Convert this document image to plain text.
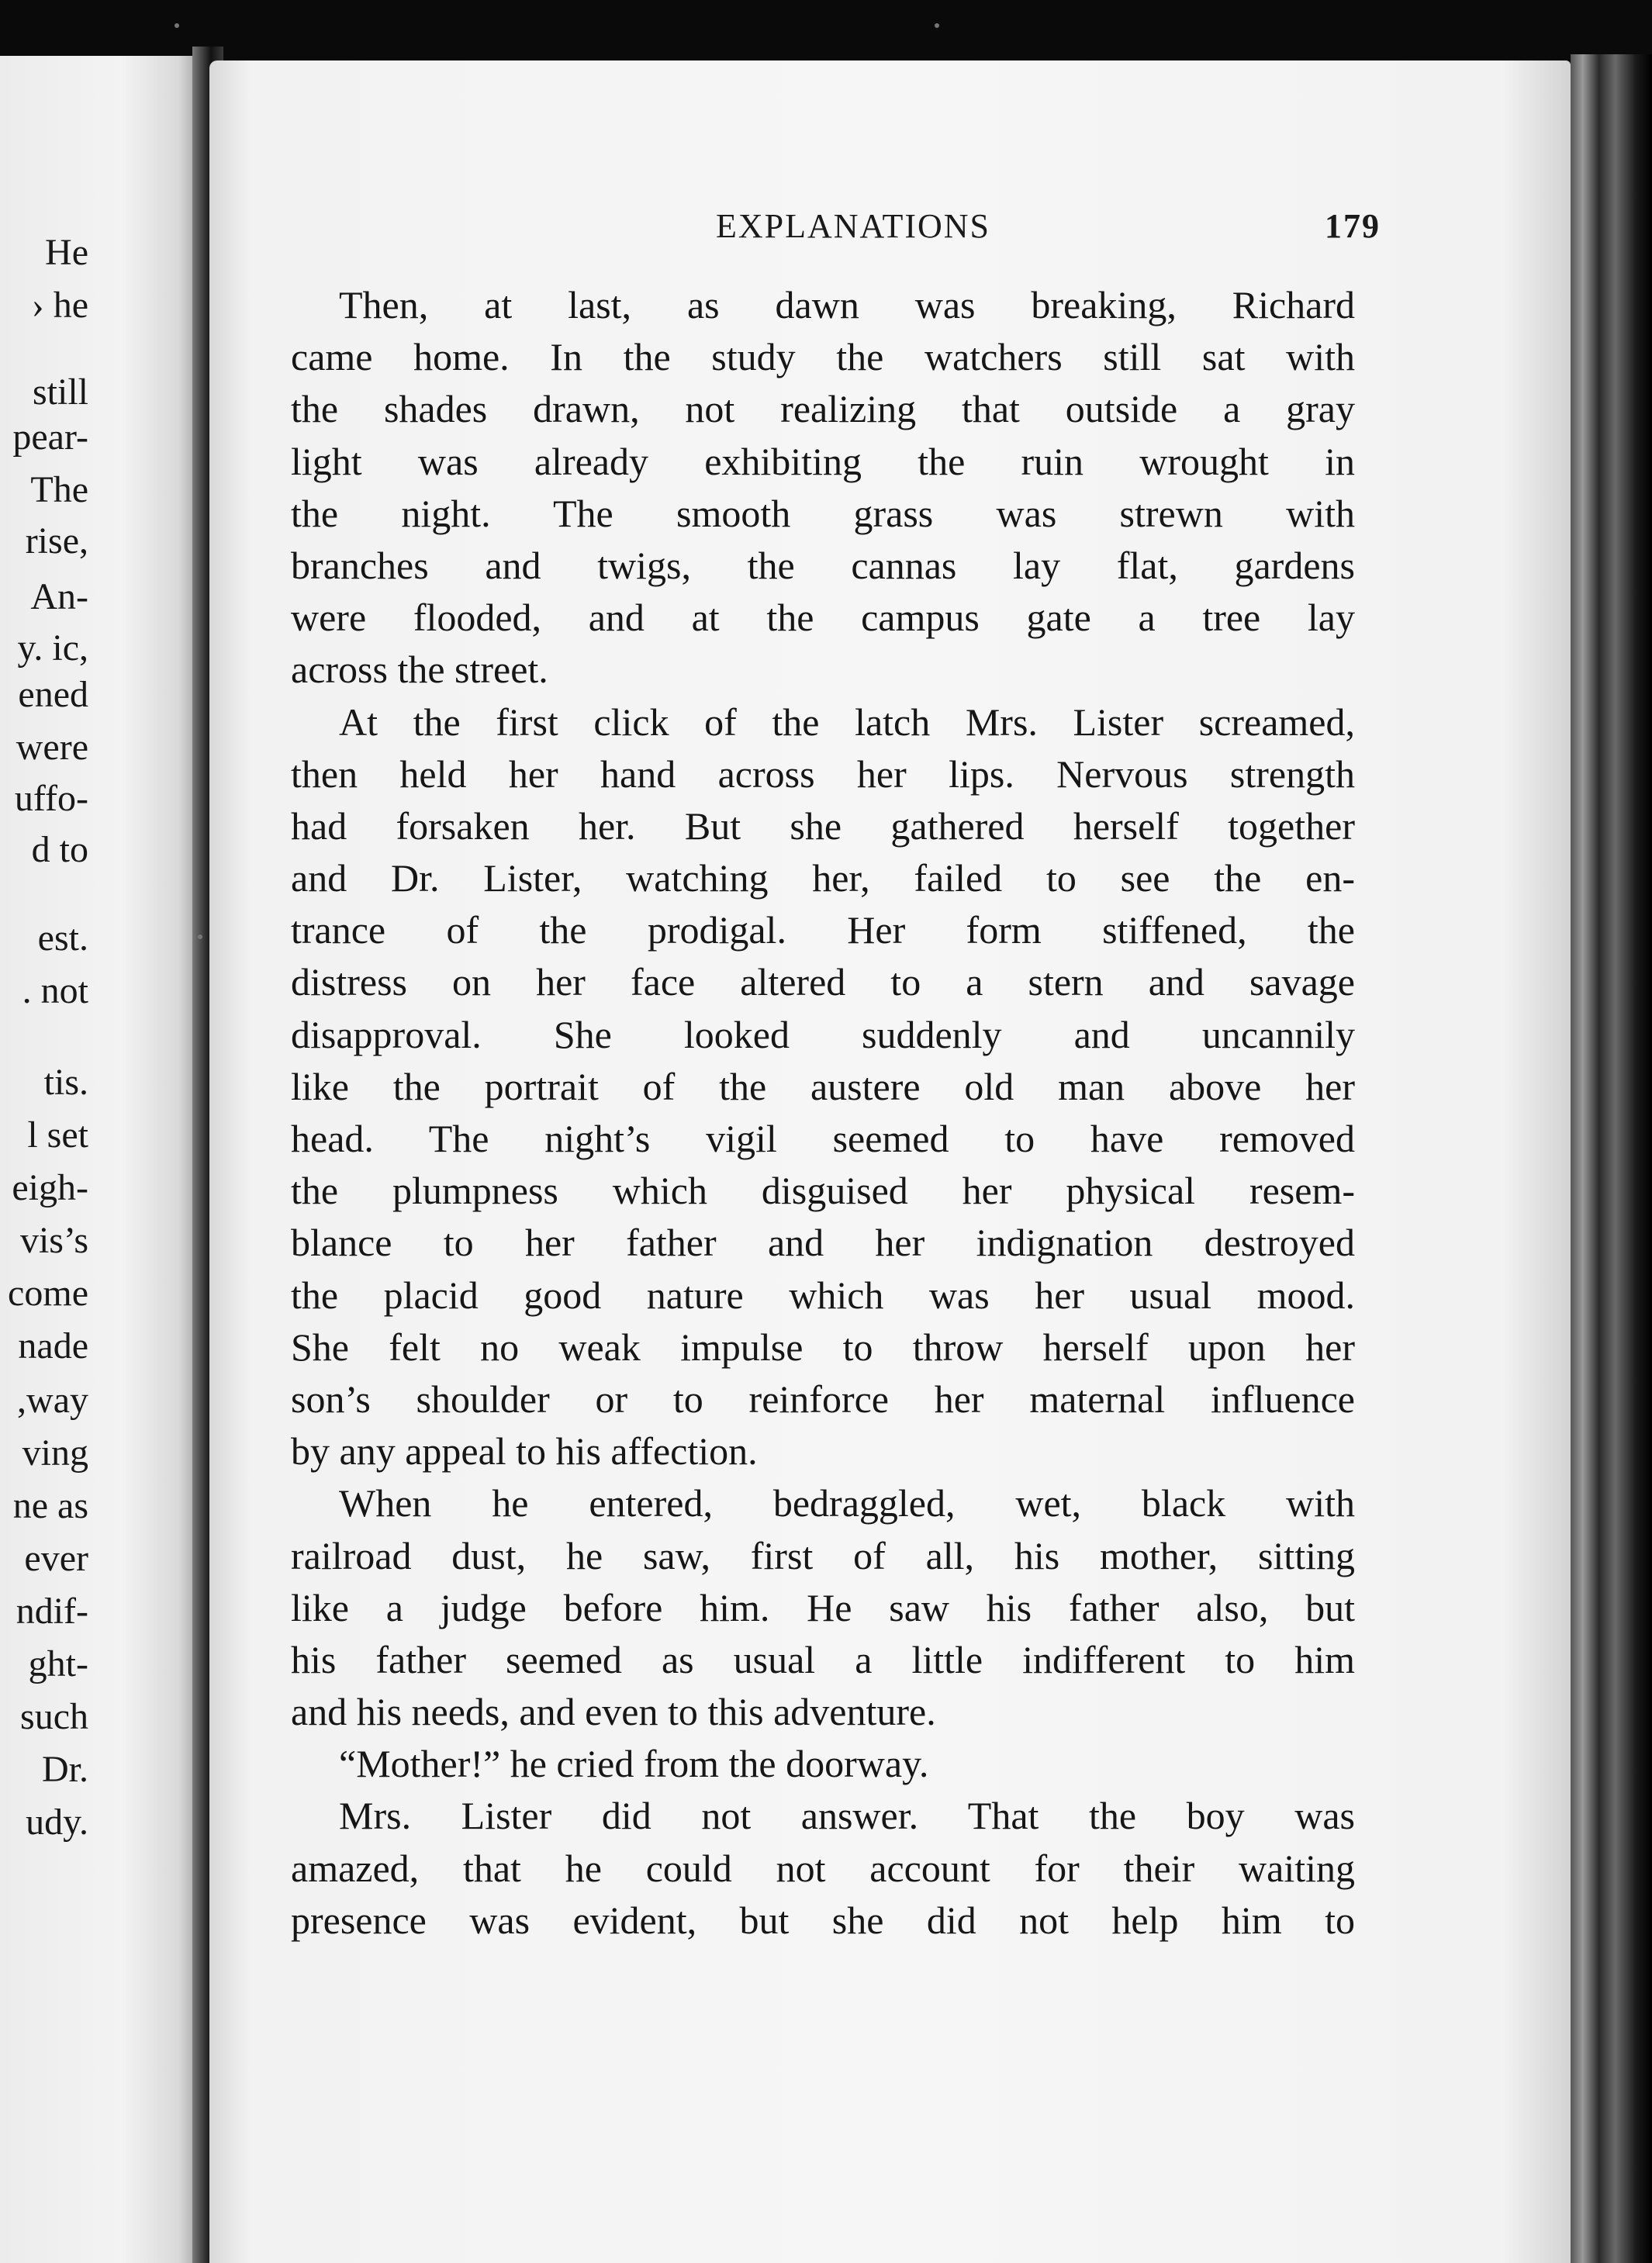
He
› he
still
pear-
The
rise,
An-
y. ic,
ened
were
uffo-
d to
est.
. not
tis.
l set
eigh-
vis’s
come
nade
,way
ving
ne as
ever
ndif-
ght-
such
Dr.
udy.
EXPLANATIONS	179
Then, at last, as dawn was breaking, Richard
came home. In the study the watchers still sat with
the shades drawn, not realizing that outside a gray
light was already exhibiting the ruin wrought in
the night. The smooth grass was strewn with
branches and twigs, the cannas lay flat, gardens
were flooded, and at the campus gate a tree lay
across the street.
At the first click of the latch Mrs. Lister screamed,
then held her hand across her lips. Nervous strength
had forsaken her. But she gathered herself together
and Dr. Lister, watching her, failed to see the en-
trance of the prodigal. Her form stiffened, the
distress on her face altered to a stern and savage
disapproval. She looked suddenly and uncannily
like the portrait of the austere old man above her
head. The night’s vigil seemed to have removed
the plumpness which disguised her physical resem-
blance to her father and her indignation destroyed
the placid good nature which was her usual mood.
She felt no weak impulse to throw herself upon her
son’s shoulder or to reinforce her maternal influence
by any appeal to his affection.
When he entered, bedraggled, wet, black with
railroad dust, he saw, first of all, his mother, sitting
like a judge before him. He saw his father also, but
his father seemed as usual a little indifferent to him
and his needs, and even to this adventure.
“Mother!” he cried from the doorway.
Mrs. Lister did not answer. That the boy was
amazed, that he could not account for their waiting
presence was evident, but she did not help him to
